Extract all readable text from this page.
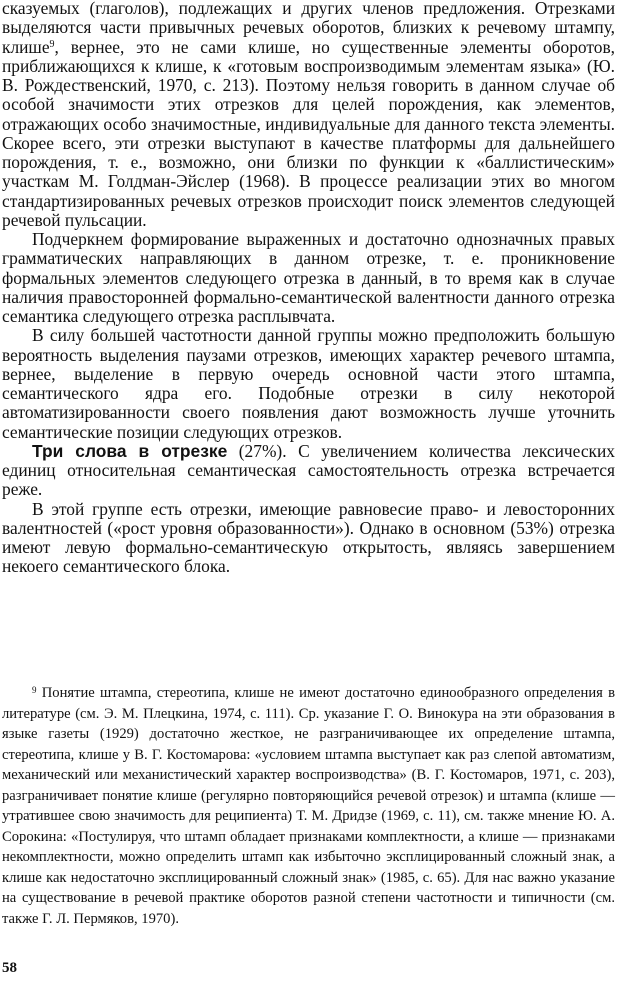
сказуемых (глаголов), подлежащих и других членов предложения. Отрезками выделяются части привычных речевых оборотов, близких к речевому штампу, клише$^9$, вернее, это не сами клише, но существенные элементы оборотов, приближающихся к клише, к «готовым воспроизводимым элементам языка» (Ю. В. Рождественский, 1970, с. 213). Поэтому нельзя говорить в данном случае об особой значимости этих отрезков для целей порождения, как элементов, отражающих особо значимостные, индивидуальные для данного текста элементы. Скорее всего, эти отрезки выступают в качестве платформы для дальнейшего порождения, т. е., возможно, они близки по функции к «баллистическим» участкам М. Голдман-Эйслер (1968). В процессе реализации этих во многом стандартизированных речевых отрезков происходит поиск элементов следующей речевой пульсации.

Подчеркнем формирование выраженных и достаточно однозначных правых грамматических направляющих в данном отрезке, т. е. проникновение формальных элементов следующего отрезка в данный, в то время как в случае наличия правосторонней формально-семантической валентности данного отрезка семантика следующего отрезка расплывчата.

В силу большей частотности данной группы можно предположить большую вероятность выделения паузами отрезков, имеющих характер речевого штампа, вернее, выделение в первую очередь основной части этого штампа, семантического ядра его. Подобные отрезки в силу некоторой автоматизированности своего появления дают возможность лучше уточнить семантические позиции следующих отрезков.

Три слова в отрезке (27%). С увеличением количества лексических единиц относительная семантическая самостоятельность отрезка встречается реже.

В этой группе есть отрезки, имеющие равновесие право- и левосторонних валентностей («рост уровня образованности»). Однако в основном (53%) отрезка имеют левую формально-семантическую открытость, являясь завершением некоего семантического блока.

$^9$ Понятие штампа, стереотипа, клише не имеют достаточно единообразного определения в литературе (см. Э. М. Плецкина, 1974, с. 111). Ср. указание Г. О. Винокура на эти образования в языке газеты (1929) достаточно жесткое, не разграничивающее их определение штампа, стереотипа, клише у В. Г. Костомарова: «условием штампа выступает как раз слепой автоматизм, механический или механистический характер воспроизводства» (В. Г. Костомаров, 1971, с. 203), разграничивает понятие клише (регулярно повторяющийся речевой отрезок) и штампа (клише — утратившее свою значимость для реципиента) Т. М. Дридзе (1969, с. 11), см. также мнение Ю. А. Сорокина: «Постулируя, что штамп обладает признаками комплектности, а клише — признаками некомплектности, можно определить штамп как избыточно эксплицированный сложный знак, а клише как недостаточно эксплицированный сложный знак» (1985, с. 65). Для нас важно указание на существование в речевой практике оборотов разной степени частотности и типичности (см. также Г. Л. Пермяков, 1970).

58
